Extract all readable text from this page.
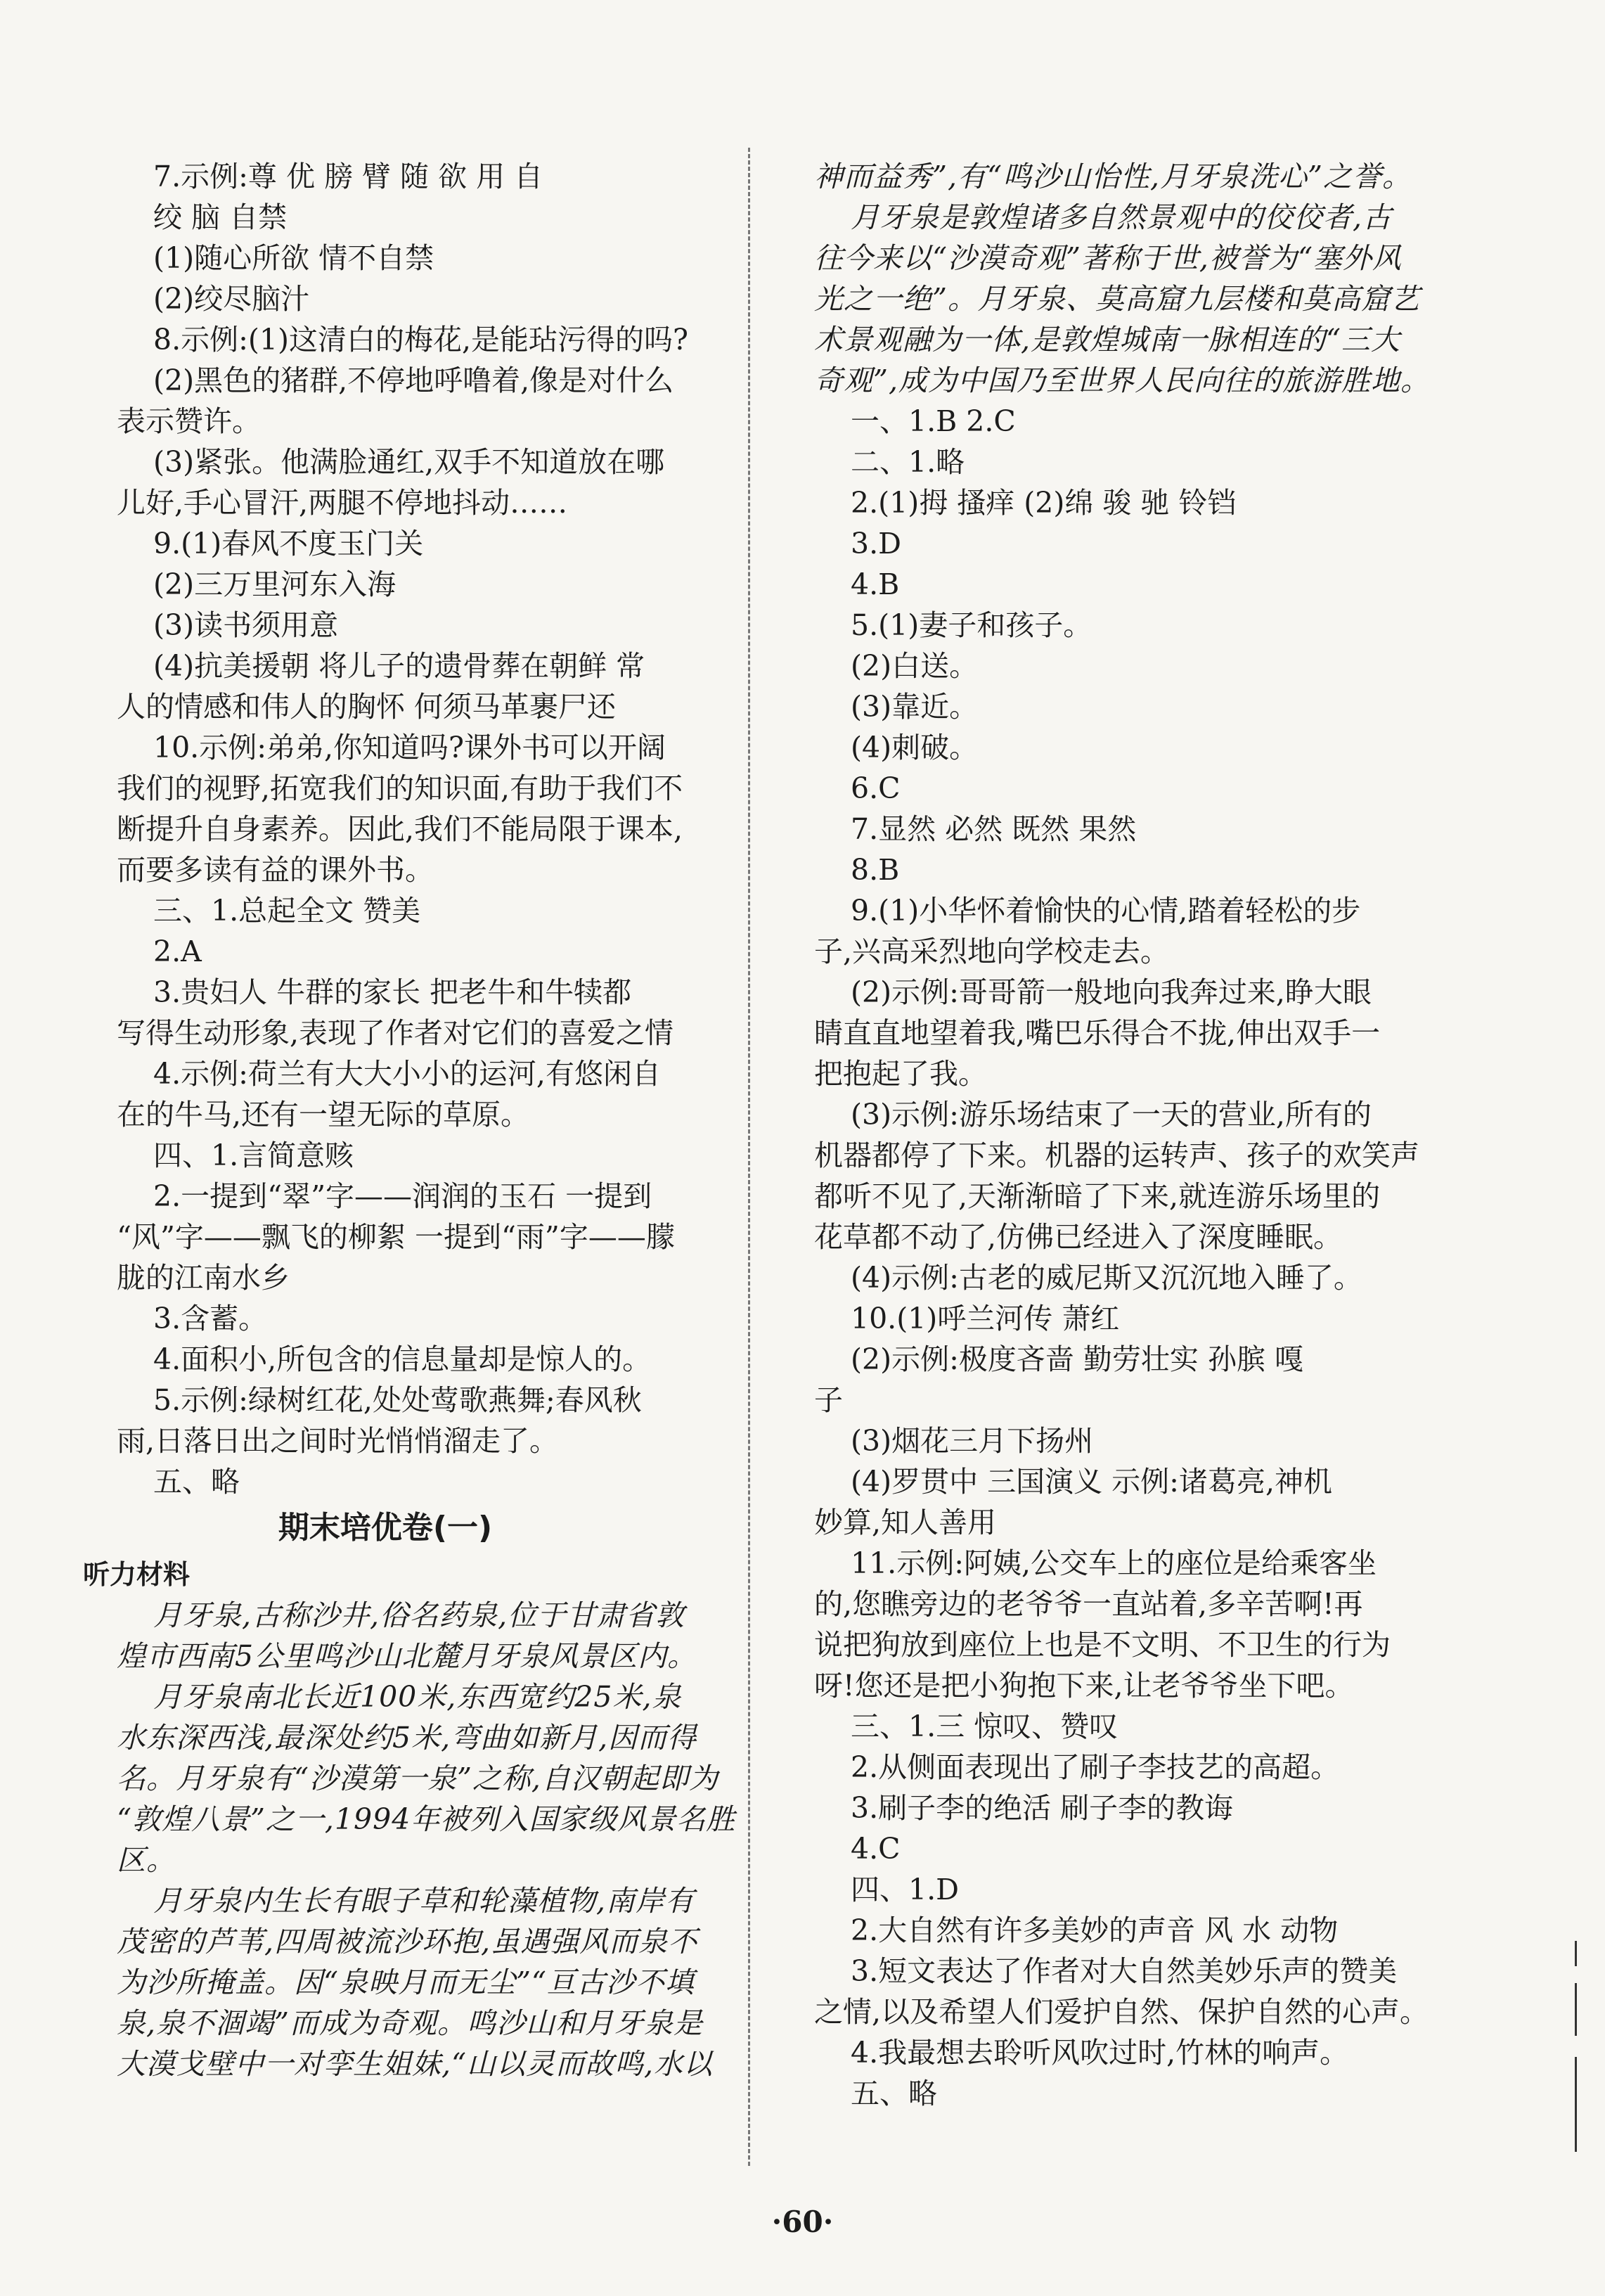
7.示例:尊 优 膀 臂 随 欲 用 自
绞 脑 自禁
(1)随心所欲 情不自禁
(2)绞尽脑汁
8.示例:(1)这清白的梅花,是能玷污得的吗?
(2)黑色的猪群,不停地呼噜着,像是对什么
表示赞许。
(3)紧张。他满脸通红,双手不知道放在哪
儿好,手心冒汗,两腿不停地抖动……
9.(1)春风不度玉门关
(2)三万里河东入海
(3)读书须用意
(4)抗美援朝 将儿子的遗骨葬在朝鲜 常
人的情感和伟人的胸怀 何须马革裹尸还
10.示例:弟弟,你知道吗?课外书可以开阔
我们的视野,拓宽我们的知识面,有助于我们不
断提升自身素养。因此,我们不能局限于课本,
而要多读有益的课外书。
三、1.总起全文 赞美
2.A
3.贵妇人 牛群的家长 把老牛和牛犊都
写得生动形象,表现了作者对它们的喜爱之情
4.示例:荷兰有大大小小的运河,有悠闲自
在的牛马,还有一望无际的草原。
四、1.言简意赅
2.一提到“翠”字——润润的玉石 一提到
“风”字——飘飞的柳絮 一提到“雨”字——朦
胧的江南水乡
3.含蓄。
4.面积小,所包含的信息量却是惊人的。
5.示例:绿树红花,处处莺歌燕舞;春风秋
雨,日落日出之间时光悄悄溜走了。
五、略
期末培优卷(一)
听力材料
月牙泉,古称沙井,俗名药泉,位于甘肃省敦
煌市西南5公里鸣沙山北麓月牙泉风景区内。
月牙泉南北长近100米,东西宽约25米,泉
水东深西浅,最深处约5米,弯曲如新月,因而得
名。月牙泉有“沙漠第一泉”之称,自汉朝起即为
“敦煌八景”之一,1994年被列入国家级风景名胜
区。
月牙泉内生长有眼子草和轮藻植物,南岸有
茂密的芦苇,四周被流沙环抱,虽遇强风而泉不
为沙所掩盖。因“泉映月而无尘”“亘古沙不填
泉,泉不涸竭”而成为奇观。鸣沙山和月牙泉是
大漠戈壁中一对孪生姐妹,“山以灵而故鸣,水以
神而益秀”,有“鸣沙山怡性,月牙泉洗心”之誉。
月牙泉是敦煌诸多自然景观中的佼佼者,古
往今来以“沙漠奇观”著称于世,被誉为“塞外风
光之一绝”。月牙泉、莫高窟九层楼和莫高窟艺
术景观融为一体,是敦煌城南一脉相连的“三大
奇观”,成为中国乃至世界人民向往的旅游胜地。
一、1.B 2.C
二、1.略
2.(1)拇 搔痒 (2)绵 骏 驰 铃铛
3.D
4.B
5.(1)妻子和孩子。
(2)白送。
(3)靠近。
(4)刺破。
6.C
7.显然 必然 既然 果然
8.B
9.(1)小华怀着愉快的心情,踏着轻松的步
子,兴高采烈地向学校走去。
(2)示例:哥哥箭一般地向我奔过来,睁大眼
睛直直地望着我,嘴巴乐得合不拢,伸出双手一
把抱起了我。
(3)示例:游乐场结束了一天的营业,所有的
机器都停了下来。机器的运转声、孩子的欢笑声
都听不见了,天渐渐暗了下来,就连游乐场里的
花草都不动了,仿佛已经进入了深度睡眠。
(4)示例:古老的威尼斯又沉沉地入睡了。
10.(1)呼兰河传 萧红
(2)示例:极度吝啬 勤劳壮实 孙膑 嘎
子
(3)烟花三月下扬州
(4)罗贯中 三国演义 示例:诸葛亮,神机
妙算,知人善用
11.示例:阿姨,公交车上的座位是给乘客坐
的,您瞧旁边的老爷爷一直站着,多辛苦啊!再
说把狗放到座位上也是不文明、不卫生的行为
呀!您还是把小狗抱下来,让老爷爷坐下吧。
三、1.三 惊叹、赞叹
2.从侧面表现出了刷子李技艺的高超。
3.刷子李的绝活 刷子李的教诲
4.C
四、1.D
2.大自然有许多美妙的声音 风 水 动物
3.短文表达了作者对大自然美妙乐声的赞美
之情,以及希望人们爱护自然、保护自然的心声。
4.我最想去聆听风吹过时,竹林的响声。
五、略
·60·
